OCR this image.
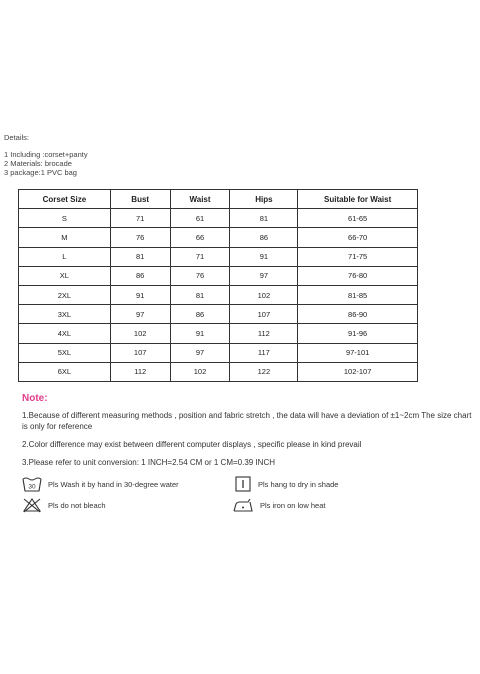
Details:
1 Including :corset+panty
2 Materials: brocade
3 package:1 PVC bag
Corset Size	Bust	Waist	Hips	Suitable for Waist
S	71	61	81	61-65
M	76	66	86	66-70
L	81	71	91	71-75
XL	86	76	97	76-80
2XL	91	81	102	81-85
3XL	97	86	107	86-90
4XL	102	91	112	91-96
5XL	107	97	117	97-101
6XL	112	102	122	102-107
Note:

1.Because of different measuring methods , position and fabric stretch , the data will have a deviation of ±1~2cm The size chart is only for reference

2.Color difference may exist between different computer displays , specific please in kind prevail

3.Please refer to unit conversion: 1 INCH=2.54 CM or 1 CM=0.39 INCH

30 Pls Wash it by hand in 30-degree water
Pls do not bleach
Pls hang to dry in shade
Pls iron on low heat
